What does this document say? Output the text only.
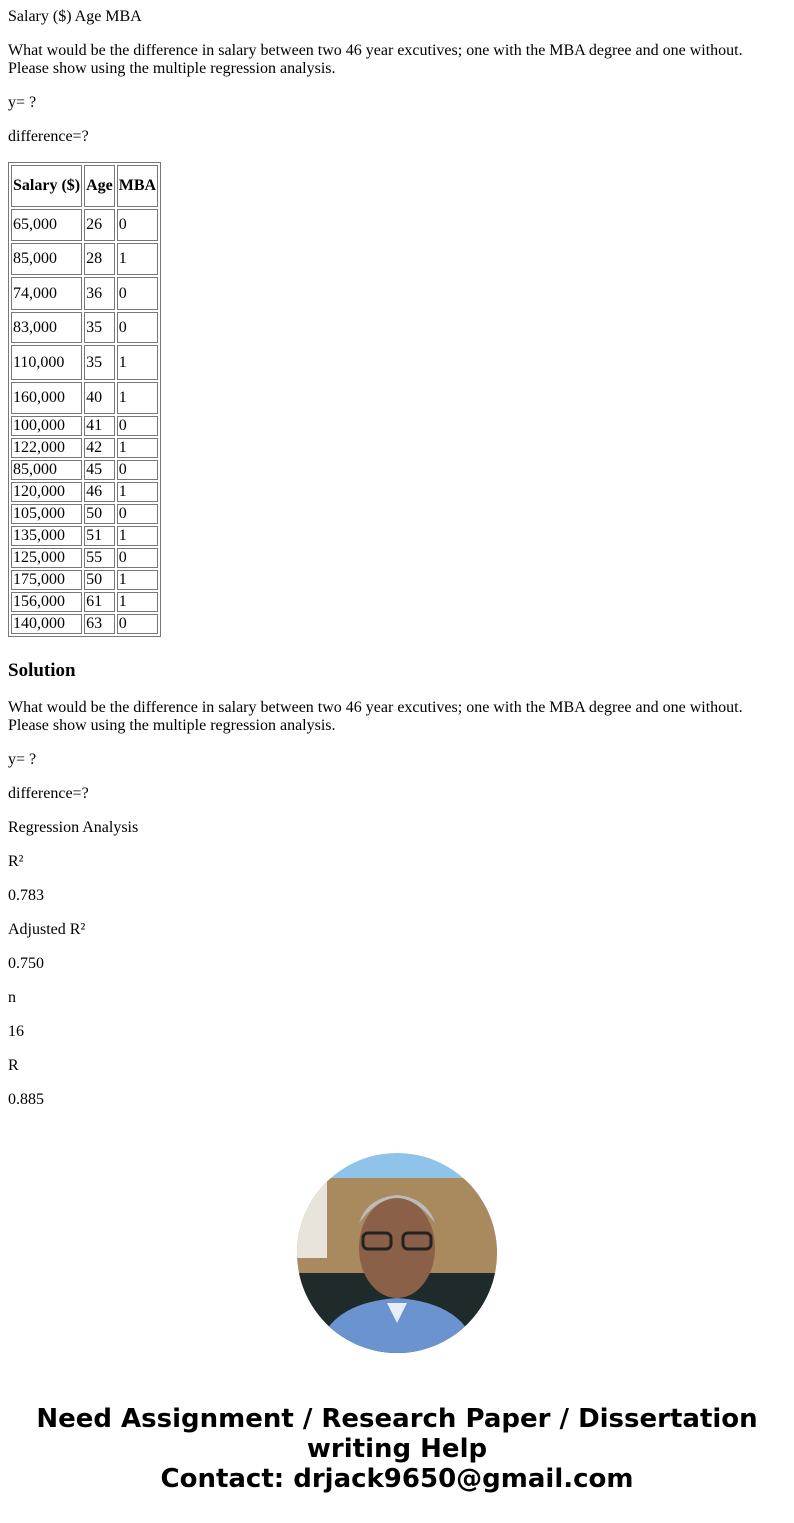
Salary ($) Age MBA

What would be the difference in salary between two 46 year excutives; one with the MBA degree and one without. Please show using the multiple regression analysis.

y= ?

difference=?

Salary ($)	Age	MBA
65,000	26	0
85,000	28	1
74,000	36	0
83,000	35	0
110,000	35	1
160,000	40	1
100,000	41	0
122,000	42	1
85,000	45	0
120,000	46	1
105,000	50	0
135,000	51	1
125,000	55	0
175,000	50	1
156,000	61	1
140,000	63	0
Solution

What would be the difference in salary between two 46 year excutives; one with the MBA degree and one without. Please show using the multiple regression analysis.

y= ?

difference=?

Regression Analysis

R²

0.783

Adjusted R²

0.750

n

16

R

0.885

Need Assignment / Research Paper / Dissertation
writing Help
Contact: drjack9650@gmail.com
